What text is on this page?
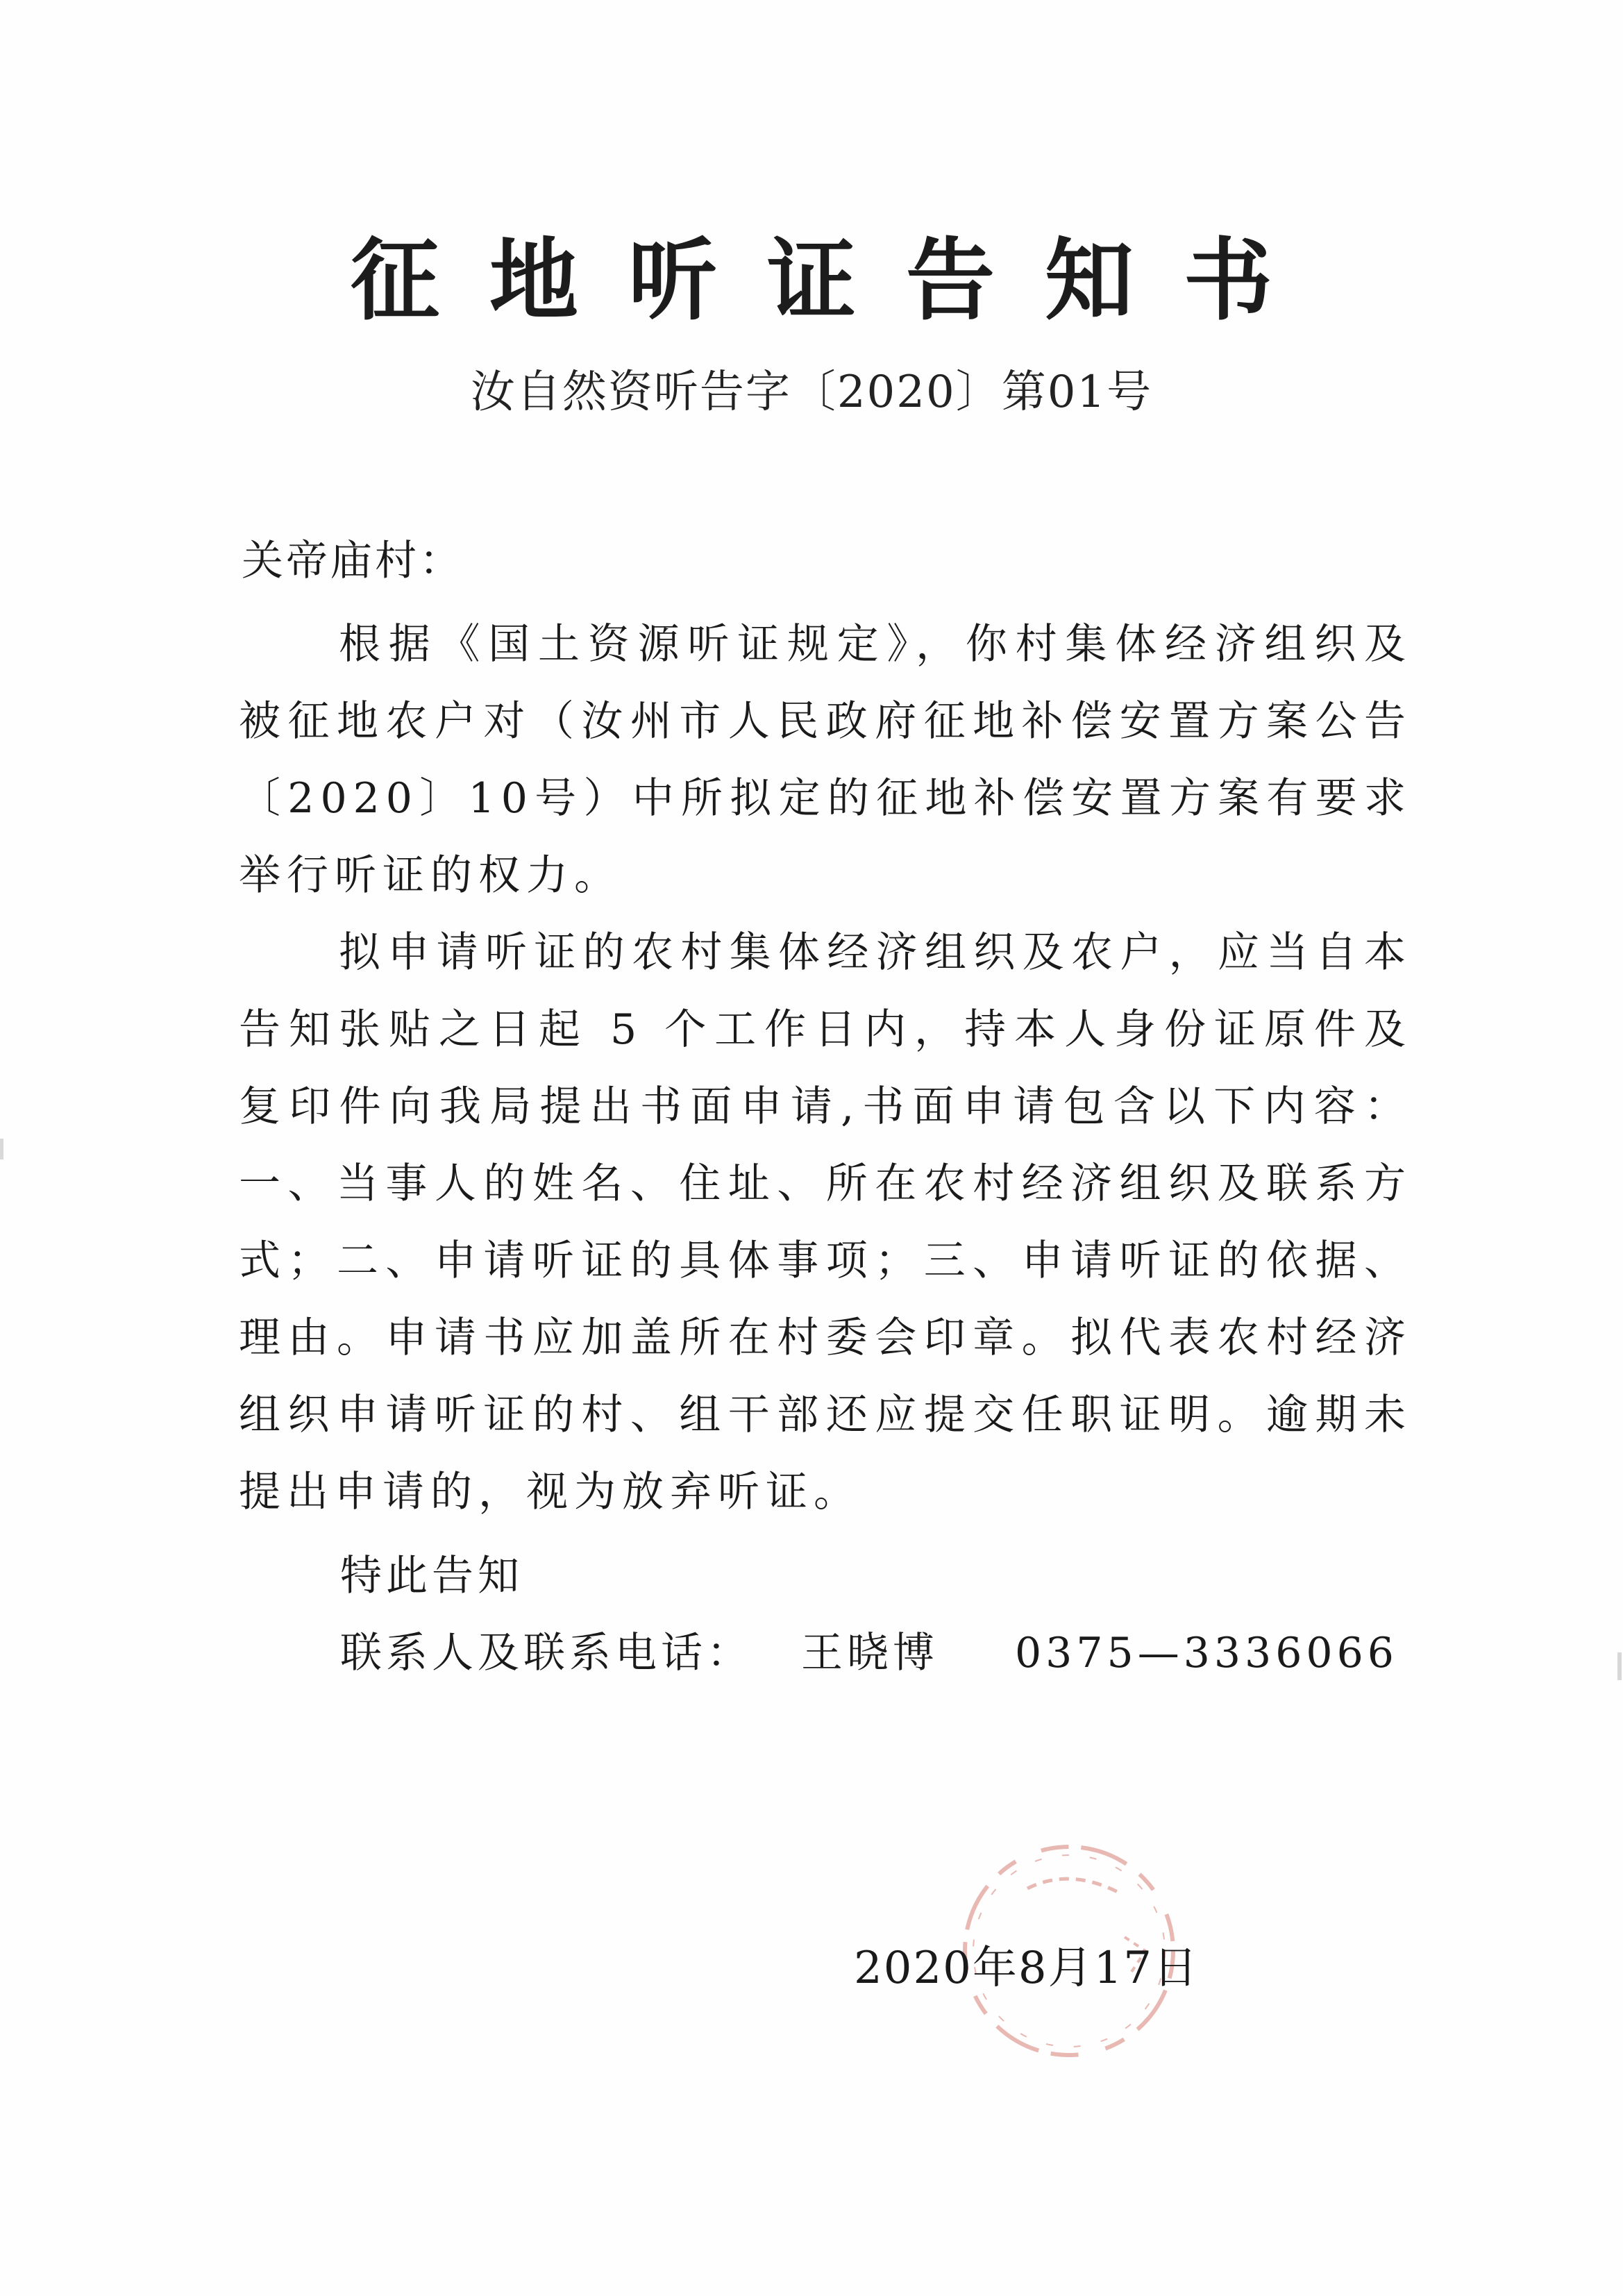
征地听证告知书
汝自然资听告字〔2020〕第01号
关帝庙村：

根据《国土资源听证规定》，你村集体经济组织及被征地农户对（汝州市人民政府征地补偿安置方案公告〔2020〕10号）中所拟定的征地补偿安置方案有要求举行听证的权力。

拟申请听证的农村集体经济组织及农户，应当自本告知张贴之日起 5 个工作日内，持本人身份证原件及复印件向我局提出书面申请,书面申请包含以下内容：一、当事人的姓名、住址、所在农村经济组织及联系方式；二、申请听证的具体事项；三、申请听证的依据、理由。申请书应加盖所在村委会印章。拟代表农村经济组织申请听证的村、组干部还应提交任职证明。逾期未提出申请的，视为放弃听证。

特此告知
联系人及联系电话： 王晓博 0375—3336066
2020年8月17日
